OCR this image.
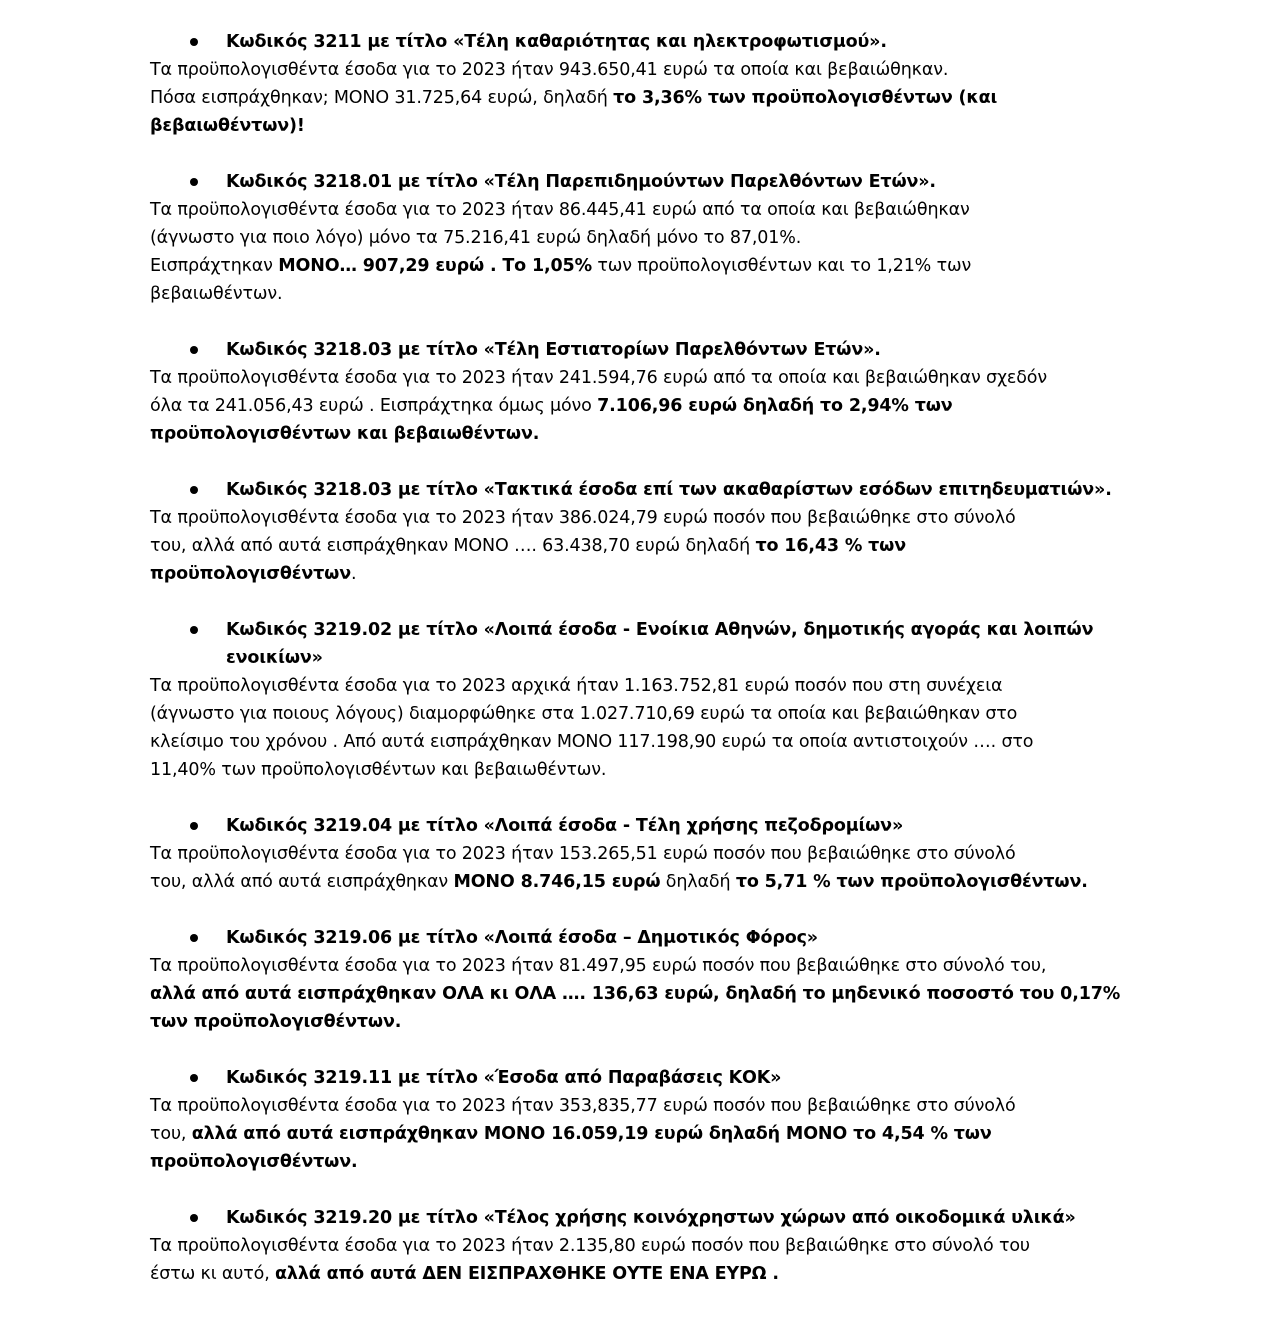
Κωδικός 3211 με τίτλο «Τέλη καθαριότητας και ηλεκτροφωτισμού».
Τα προϋπολογισθέντα έσοδα για το 2023 ήταν 943.650,41 ευρώ τα οποία και βεβαιώθηκαν.
Πόσα εισπράχθηκαν; ΜΟΝΟ 31.725,64 ευρώ, δηλαδή το 3,36% των προϋπολογισθέντων (και
βεβαιωθέντων)!
Κωδικός 3218.01 με τίτλο «Τέλη Παρεπιδημούντων Παρελθόντων Ετών».
Τα προϋπολογισθέντα έσοδα για το 2023 ήταν 86.445,41 ευρώ από τα οποία και βεβαιώθηκαν
(άγνωστο για ποιο λόγο) μόνο τα 75.216,41 ευρώ δηλαδή μόνο το 87,01%.
Εισπράχτηκαν ΜΟΝΟ… 907,29 ευρώ . Το 1,05% των προϋπολογισθέντων και το 1,21% των
βεβαιωθέντων.
Κωδικός 3218.03 με τίτλο «Τέλη Εστιατορίων Παρελθόντων Ετών».
Τα προϋπολογισθέντα έσοδα για το 2023 ήταν 241.594,76 ευρώ από τα οποία και βεβαιώθηκαν σχεδόν
όλα τα 241.056,43 ευρώ . Εισπράχτηκα όμως μόνο 7.106,96 ευρώ δηλαδή το 2,94% των
προϋπολογισθέντων και βεβαιωθέντων.
Κωδικός 3218.03 με τίτλο «Τακτικά έσοδα επί των ακαθαρίστων εσόδων επιτηδευματιών».
Τα προϋπολογισθέντα έσοδα για το 2023 ήταν 386.024,79 ευρώ ποσόν που βεβαιώθηκε στο σύνολό
του, αλλά από αυτά εισπράχθηκαν ΜΟΝΟ …. 63.438,70 ευρώ δηλαδή το 16,43 % των
προϋπολογισθέντων.
Κωδικός 3219.02 με τίτλο «Λοιπά έσοδα - Ενοίκια Αθηνών, δημοτικής αγοράς και λοιπών ενοικίων»
Τα προϋπολογισθέντα έσοδα για το 2023 αρχικά ήταν 1.163.752,81 ευρώ ποσόν που στη συνέχεια
(άγνωστο για ποιους λόγους) διαμορφώθηκε στα 1.027.710,69 ευρώ τα οποία και βεβαιώθηκαν στο
κλείσιμο του χρόνου . Από αυτά εισπράχθηκαν ΜΟΝΟ 117.198,90 ευρώ τα οποία αντιστοιχούν …. στο
11,40% των προϋπολογισθέντων και βεβαιωθέντων.
Κωδικός 3219.04 με τίτλο «Λοιπά έσοδα - Τέλη χρήσης πεζοδρομίων»
Τα προϋπολογισθέντα έσοδα για το 2023 ήταν 153.265,51 ευρώ ποσόν που βεβαιώθηκε στο σύνολό
του, αλλά από αυτά εισπράχθηκαν ΜΟΝΟ 8.746,15 ευρώ δηλαδή το 5,71 % των προϋπολογισθέντων.
Κωδικός 3219.06 με τίτλο «Λοιπά έσοδα – Δημοτικός Φόρος»
Τα προϋπολογισθέντα έσοδα για το 2023 ήταν 81.497,95 ευρώ ποσόν που βεβαιώθηκε στο σύνολό του,
αλλά από αυτά εισπράχθηκαν ΟΛΑ κι ΟΛΑ …. 136,63 ευρώ, δηλαδή το μηδενικό ποσοστό του 0,17%
των προϋπολογισθέντων.
Κωδικός 3219.11 με τίτλο «Έσοδα από Παραβάσεις ΚΟΚ»
Τα προϋπολογισθέντα έσοδα για το 2023 ήταν 353,835,77 ευρώ ποσόν που βεβαιώθηκε στο σύνολό
του, αλλά από αυτά εισπράχθηκαν ΜΟΝΟ 16.059,19 ευρώ δηλαδή ΜΟΝΟ το 4,54 % των
προϋπολογισθέντων.
Κωδικός 3219.20 με τίτλο «Τέλος χρήσης κοινόχρηστων χώρων από οικοδομικά υλικά»
Τα προϋπολογισθέντα έσοδα για το 2023 ήταν 2.135,80 ευρώ ποσόν που βεβαιώθηκε στο σύνολό του
έστω κι αυτό, αλλά από αυτά ΔΕΝ ΕΙΣΠΡΑΧΘΗΚΕ ΟΥΤΕ ΕΝΑ ΕΥΡΩ .
